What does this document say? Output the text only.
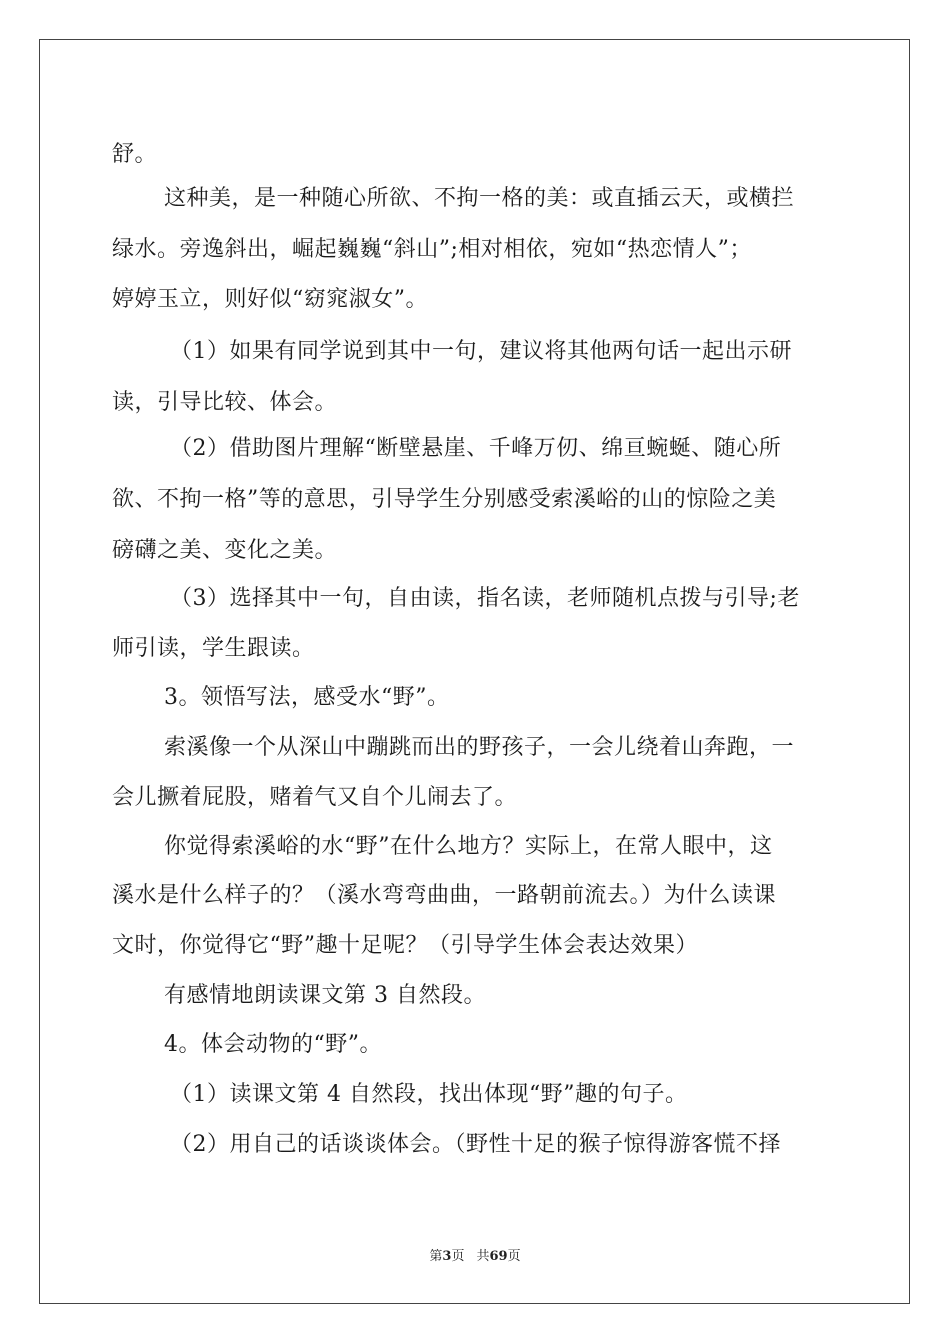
舒。
这种美，是一种随心所欲、不拘一格的美：或直插云天，或横拦
绿水。旁逸斜出，崛起巍巍“斜山”;相对相依，宛如“热恋情人”；
婷婷玉立，则好似“窈窕淑女”。
（1）如果有同学说到其中一句，建议将其他两句话一起出示研
读，引导比较、体会。
（2）借助图片理解“断壁悬崖、千峰万仞、绵亘蜿蜒、随心所
欲、不拘一格”等的意思，引导学生分别感受索溪峪的山的惊险之美
磅礴之美、变化之美。
（3）选择其中一句，自由读，指名读，老师随机点拨与引导;老
师引读，学生跟读。
3。领悟写法，感受水“野”。
索溪像一个从深山中蹦跳而出的野孩子，一会儿绕着山奔跑，一
会儿撅着屁股，赌着气又自个儿闹去了。
你觉得索溪峪的水“野”在什么地方？实际上，在常人眼中，这
溪水是什么样子的？（溪水弯弯曲曲，一路朝前流去。）为什么读课
文时，你觉得它“野”趣十足呢？（引导学生体会表达效果）
有感情地朗读课文第 3 自然段。
4。体会动物的“野”。
（1）读课文第 4 自然段，找出体现“野”趣的句子。
（2）用自己的话谈谈体会。（野性十足的猴子惊得游客慌不择
第3页 共69页
